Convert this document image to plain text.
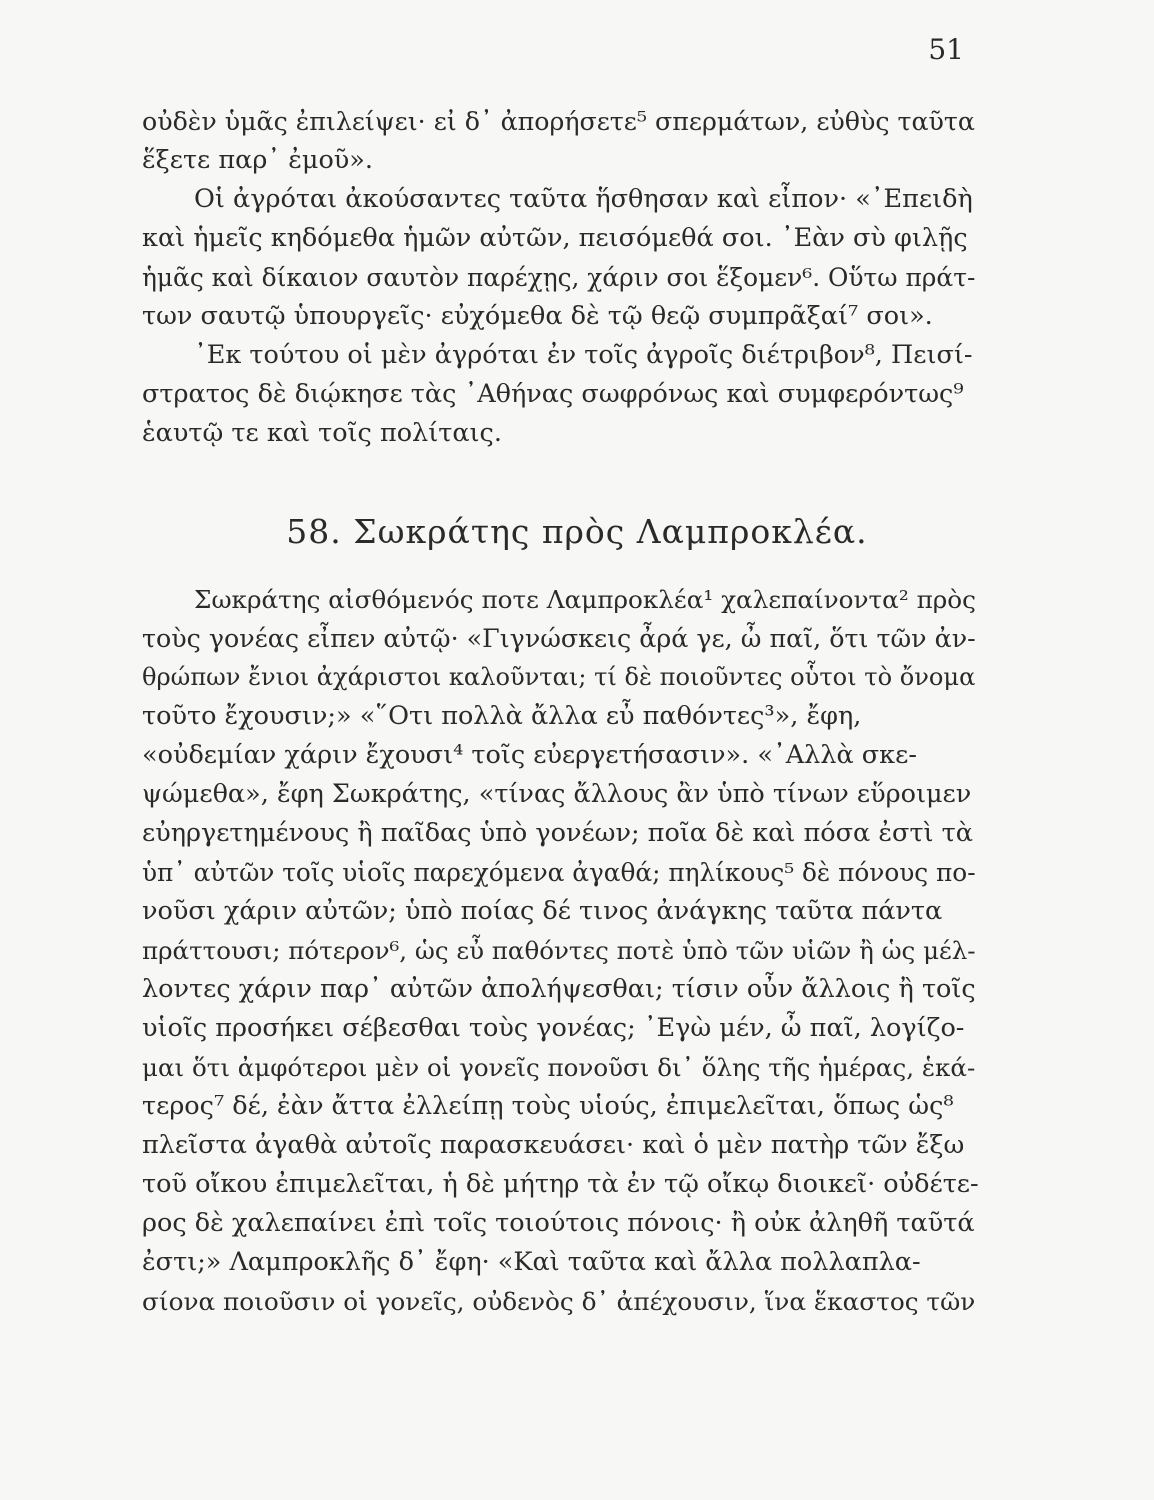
51
οὐδὲν ὑμᾶς ἐπιλείψει· εἰ δ᾿ ἀπορήσετε⁵ σπερμάτων, εὐθὺς ταῦτα
ἕξετε παρ᾿ ἐμοῦ».
Οἱ ἀγρόται ἀκούσαντες ταῦτα ἥσθησαν καὶ εἶπον· «᾿Επειδὴ
καὶ ἡμεῖς κηδόμεθα ἡμῶν αὐτῶν, πεισόμεθά σοι. ᾿Εὰν σὺ φιλῇς
ἡμᾶς καὶ δίκαιον σαυτὸν παρέχῃς, χάριν σοι ἕξομεν⁶. Οὕτω πράτ-
των σαυτῷ ὑπουργεῖς· εὐχόμεθα δὲ τῷ θεῷ συμπρᾶξαί⁷ σοι».
᾿Εκ τούτου οἱ μὲν ἀγρόται ἐν τοῖς ἀγροῖς διέτριβον⁸, Πεισί-
στρατος δὲ διῴκησε τὰς ᾿Αθήνας σωφρόνως καὶ συμφερόντως⁹
ἑαυτῷ τε καὶ τοῖς πολίταις.
58. Σωκράτης πρὸς Λαμπροκλέα.
Σωκράτης αἰσθόμενός ποτε Λαμπροκλέα¹ χαλεπαίνοντα² πρὸς
τοὺς γονέας εἶπεν αὐτῷ· «Γιγνώσκεις ἆρά γε, ὦ παῖ, ὅτι τῶν ἀν-
θρώπων ἔνιοι ἀχάριστοι καλοῦνται; τί δὲ ποιοῦντες οὗτοι τὸ ὄνομα
τοῦτο ἔχουσιν;» «῞Οτι πολλὰ ἄλλα εὖ παθόντες³», ἔφη,
«οὐδεμίαν χάριν ἔχουσι⁴ τοῖς εὐεργετήσασιν». «᾿Αλλὰ σκε-
ψώμεθα», ἔφη Σωκράτης, «τίνας ἄλλους ἂν ὑπὸ τίνων εὕροιμεν
εὐηργετημένους ἢ παῖδας ὑπὸ γονέων; ποῖα δὲ καὶ πόσα ἐστὶ τὰ
ὑπ᾿ αὐτῶν τοῖς υἱοῖς παρεχόμενα ἀγαθά; πηλίκους⁵ δὲ πόνους πο-
νοῦσι χάριν αὐτῶν; ὑπὸ ποίας δέ τινος ἀνάγκης ταῦτα πάντα
πράττουσι; πότερον⁶, ὡς εὖ παθόντες ποτὲ ὑπὸ τῶν υἱῶν ἢ ὡς μέλ-
λοντες χάριν παρ᾿ αὐτῶν ἀπολήψεσθαι; τίσιν οὖν ἄλλοις ἢ τοῖς
υἱοῖς προσήκει σέβεσθαι τοὺς γονέας; ᾿Εγὼ μέν, ὦ παῖ, λογίζο-
μαι ὅτι ἀμφότεροι μὲν οἱ γονεῖς πονοῦσι δι᾿ ὅλης τῆς ἡμέρας, ἑκά-
τερος⁷ δέ, ἐὰν ἄττα ἐλλείπῃ τοὺς υἱούς, ἐπιμελεῖται, ὅπως ὡς⁸
πλεῖστα ἀγαθὰ αὐτοῖς παρασκευάσει· καὶ ὁ μὲν πατὴρ τῶν ἔξω
τοῦ οἴκου ἐπιμελεῖται, ἡ δὲ μήτηρ τὰ ἐν τῷ οἴκῳ διοικεῖ· οὐδέτε-
ρος δὲ χαλεπαίνει ἐπὶ τοῖς τοιούτοις πόνοις· ἢ οὐκ ἀληθῆ ταῦτά
ἐστι;» Λαμπροκλῆς δ᾿ ἔφη· «Καὶ ταῦτα καὶ ἄλλα πολλαπλα-
σίονα ποιοῦσιν οἱ γονεῖς, οὐδενὸς δ᾿ ἀπέχουσιν, ἵνα ἕκαστος τῶν
